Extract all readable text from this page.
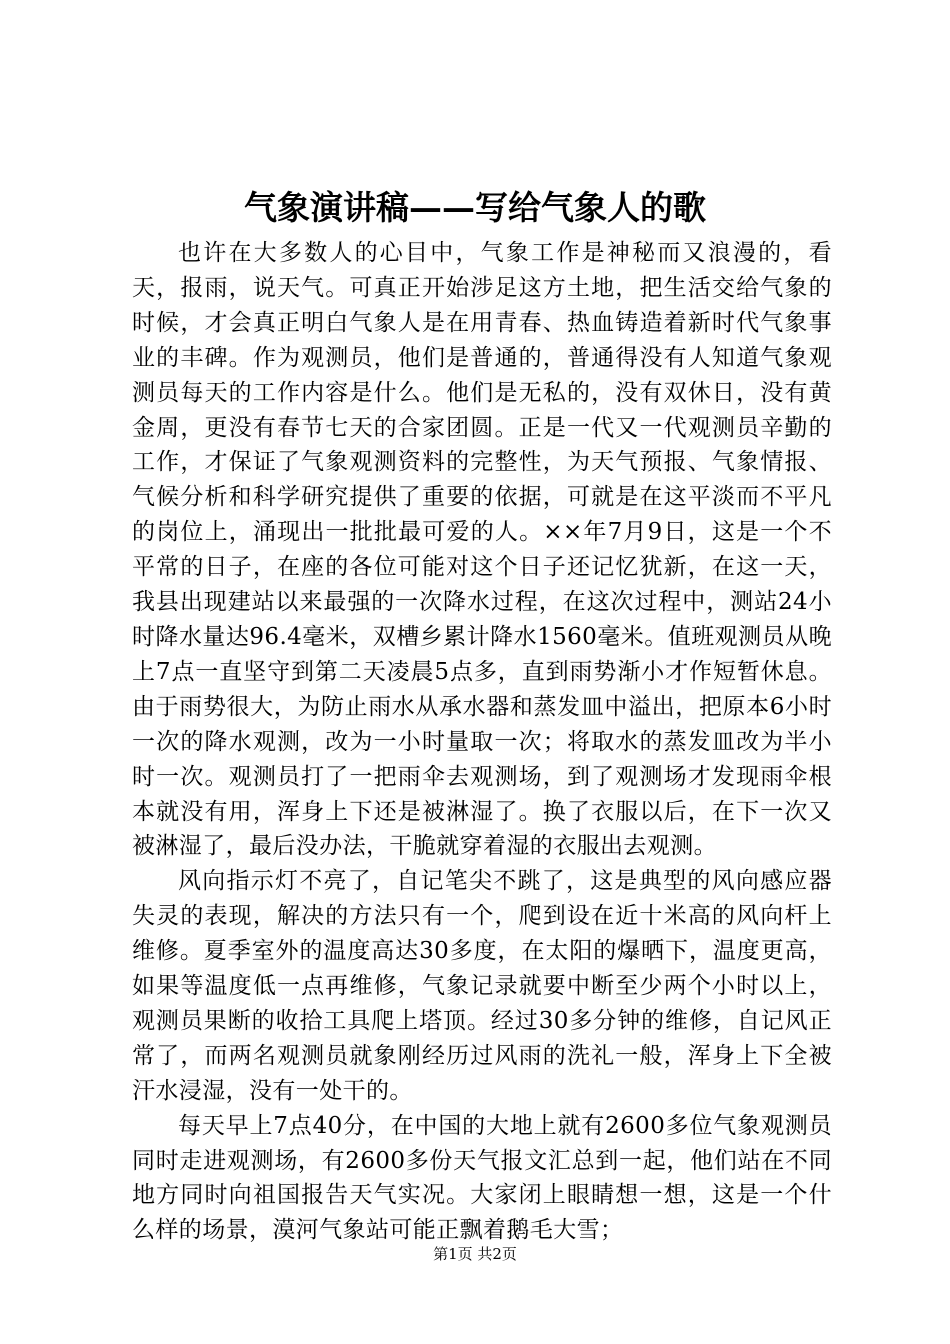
气象演讲稿——写给气象人的歌

也许在大多数人的心目中，气象工作是神秘而又浪漫的，看天，报雨，说天气。可真正开始涉足这方土地，把生活交给气象的时候，才会真正明白气象人是在用青春、热血铸造着新时代气象事业的丰碑。作为观测员，他们是普通的，普通得没有人知道气象观测员每天的工作内容是什么。他们是无私的，没有双休日，没有黄金周，更没有春节七天的合家团圆。正是一代又一代观测员辛勤的工作，才保证了气象观测资料的完整性，为天气预报、气象情报、气候分析和科学研究提供了重要的依据，可就是在这平淡而不平凡的岗位上，涌现出一批批最可爱的人。××年7月9日，这是一个不平常的日子，在座的各位可能对这个日子还记忆犹新，在这一天，我县出现建站以来最强的一次降水过程，在这次过程中，测站24小时降水量达96.4毫米，双槽乡累计降水1560毫米。值班观测员从晚上7点一直坚守到第二天凌晨5点多，直到雨势渐小才作短暂休息。由于雨势很大，为防止雨水从承水器和蒸发皿中溢出，把原本6小时一次的降水观测，改为一小时量取一次；将取水的蒸发皿改为半小时一次。观测员打了一把雨伞去观测场，到了观测场才发现雨伞根本就没有用，浑身上下还是被淋湿了。换了衣服以后，在下一次又被淋湿了，最后没办法，干脆就穿着湿的衣服出去观测。

风向指示灯不亮了，自记笔尖不跳了，这是典型的风向感应器失灵的表现，解决的方法只有一个，爬到设在近十米高的风向杆上维修。夏季室外的温度高达30多度，在太阳的爆晒下，温度更高，如果等温度低一点再维修，气象记录就要中断至少两个小时以上，观测员果断的收拾工具爬上塔顶。经过30多分钟的维修，自记风正常了，而两名观测员就象刚经历过风雨的洗礼一般，浑身上下全被汗水浸湿，没有一处干的。

每天早上7点40分，在中国的大地上就有2600多位气象观测员同时走进观测场，有2600多份天气报文汇总到一起，他们站在不同地方同时向祖国报告天气实况。大家闭上眼睛想一想，这是一个什么样的场景，漠河气象站可能正飘着鹅毛大雪；

第1页 共2页
